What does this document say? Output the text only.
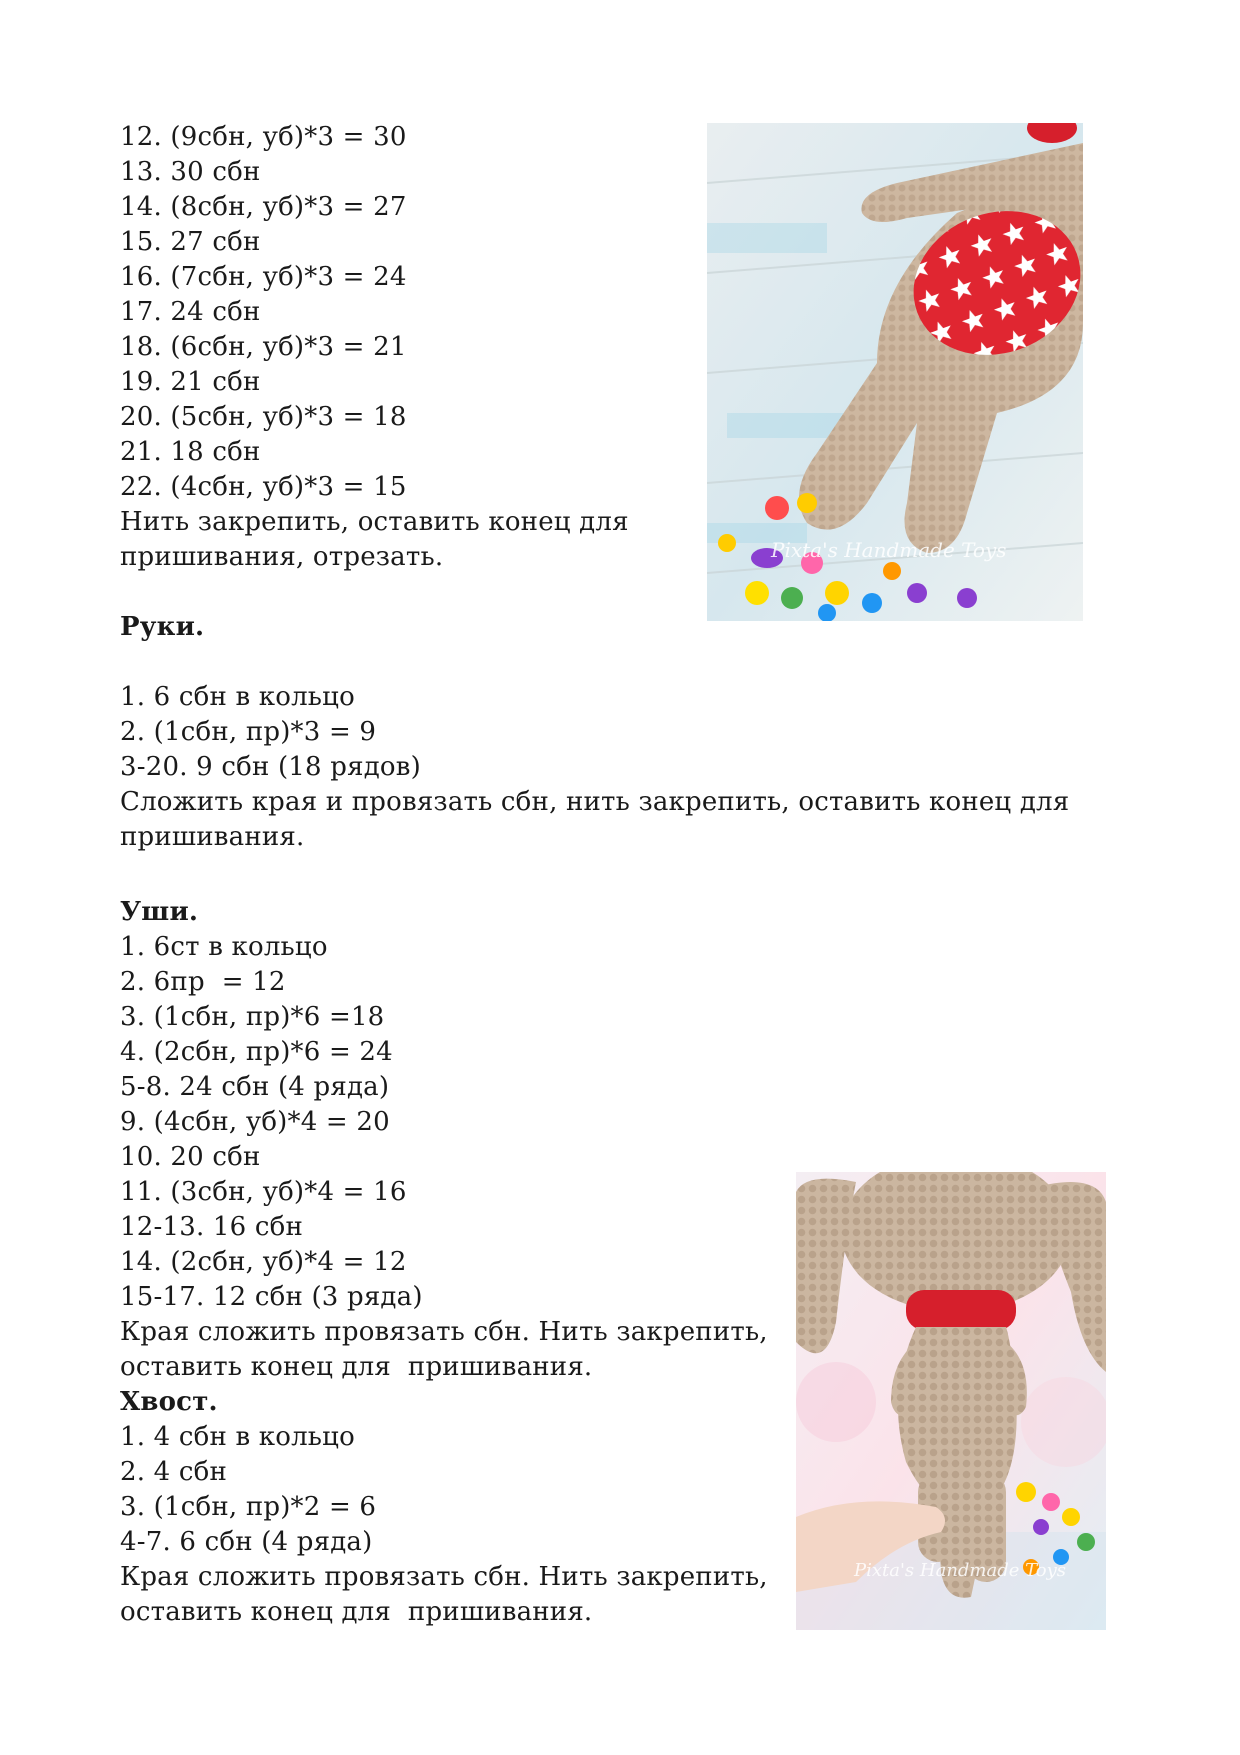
12. (9сбн, уб)*3 = 30
13. 30 сбн
14. (8сбн, уб)*3 = 27
15. 27 сбн
16. (7сбн, уб)*3 = 24
17. 24 сбн
18. (6сбн, уб)*3 = 21
19. 21 сбн
20. (5сбн, уб)*3 = 18
21. 18 сбн
22. (4сбн, уб)*3 = 15
Нить закрепить, оставить конец для
пришивания, отрезать.
Руки.
1. 6 сбн в кольцо
2. (1сбн, пр)*3 = 9
3-20. 9 сбн (18 рядов)
Сложить края и провязать сбн, нить закрепить, оставить конец для
пришивания.
Уши.
1. 6ст в кольцо
2. 6пр  = 12
3. (1сбн, пр)*6 =18
4. (2сбн, пр)*6 = 24
5-8. 24 сбн (4 ряда)
9. (4сбн, уб)*4 = 20
10. 20 сбн
11. (3сбн, уб)*4 = 16
12-13. 16 сбн
14. (2сбн, уб)*4 = 12
15-17. 12 сбн (3 ряда)
Края сложить провязать сбн. Нить закрепить,
оставить конец для  пришивания.
Хвост.
1. 4 сбн в кольцо
2. 4 сбн
3. (1сбн, пр)*2 = 6
4-7. 6 сбн (4 ряда)
Края сложить провязать сбн. Нить закрепить,
оставить конец для  пришивания.
Pixta's Handmade Toys
Pixta's Handmade Toys
